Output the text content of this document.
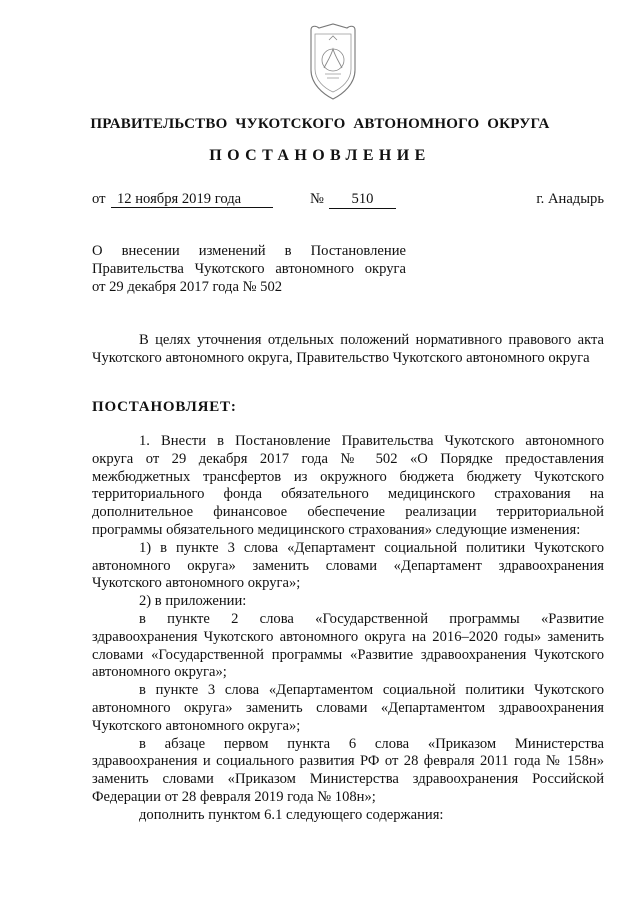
ПРАВИТЕЛЬСТВО ЧУКОТСКОГО АВТОНОМНОГО ОКРУГА
ПОСТАНОВЛЕНИЕ
от 12 ноября 2019 года	№	510	г. Анадырь
О внесении изменений в Постановление
Правительства Чукотского автономного округа
от 29 декабря 2017 года № 502

В целях уточнения отдельных положений нормативного правового акта Чукотского автономного округа, Правительство Чукотского автономного округа

ПОСТАНОВЛЯЕТ:

1. Внести в Постановление Правительства Чукотского автономного округа от 29 декабря 2017 года № 502 «О Порядке предоставления межбюджетных трансфертов из окружного бюджета бюджету Чукотского территориального фонда обязательного медицинского страхования на дополнительное финансовое обеспечение реализации территориальной программы обязательного медицинского страхования» следующие изменения:

1) в пункте 3 слова «Департамент социальной политики Чукотского автономного округа» заменить словами «Департамент здравоохранения Чукотского автономного округа»;

2) в приложении:

в пункте 2 слова «Государственной программы «Развитие здравоохранения Чукотского автономного округа на 2016–2020 годы» заменить словами «Государственной программы «Развитие здравоохранения Чукотского автономного округа»;

в пункте 3 слова «Департаментом социальной политики Чукотского автономного округа» заменить словами «Департаментом здравоохранения Чукотского автономного округа»;

в абзаце первом пункта 6 слова «Приказом Министерства здравоохранения и социального развития РФ от 28 февраля 2011 года № 158н» заменить словами «Приказом Министерства здравоохранения Российской Федерации от 28 февраля 2019 года № 108н»;

дополнить пунктом 6.1 следующего содержания:
